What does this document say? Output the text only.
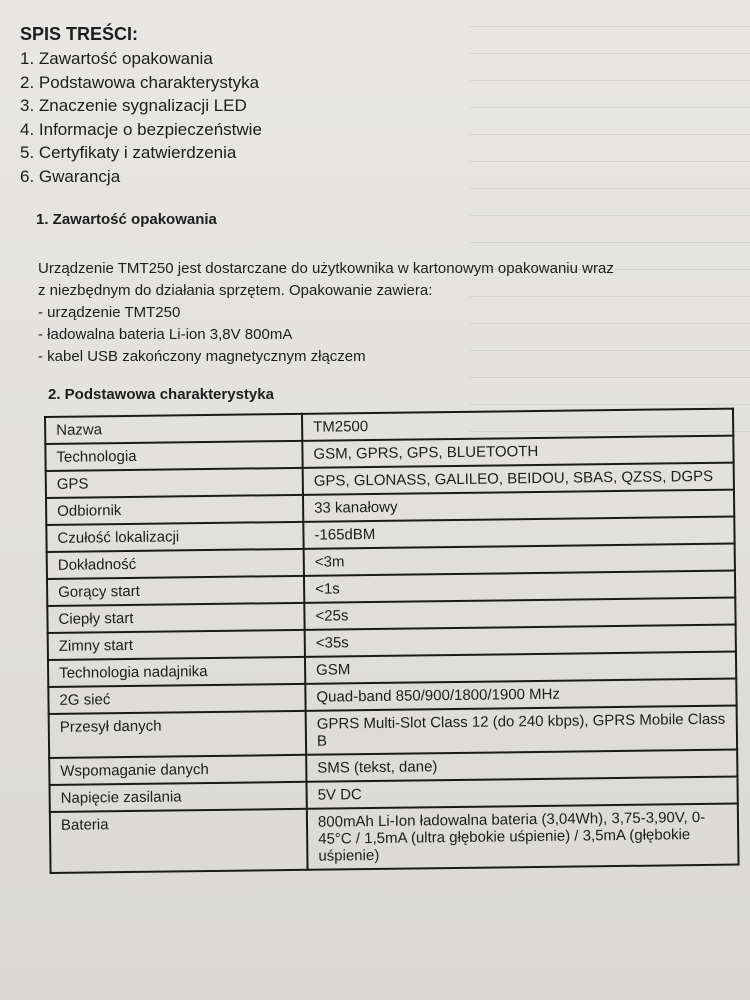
SPIS TREŚCI:
1. Zawartość opakowania
2. Podstawowa charakterystyka
3. Znaczenie sygnalizacji LED
4. Informacje o bezpieczeństwie
5. Certyfikaty i zatwierdzenia
6. Gwarancja
1. Zawartość opakowania
Urządzenie TMT250 jest dostarczane do użytkownika w kartonowym opakowaniu wraz
z niezbędnym do działania sprzętem. Opakowanie zawiera:
- urządzenie TMT250
- ładowalna bateria Li-ion 3,8V 800mA
- kabel USB zakończony magnetycznym złączem
2. Podstawowa charakterystyka
Nazwa	TM2500
Technologia	GSM, GPRS, GPS, BLUETOOTH
GPS	GPS, GLONASS, GALILEO, BEIDOU, SBAS, QZSS, DGPS
Odbiornik	33 kanałowy
Czułość lokalizacji	-165dBM
Dokładność	<3m
Gorący start	<1s
Ciepły start	<25s
Zimny start	<35s
Technologia nadajnika	GSM
2G sieć	Quad-band 850/900/1800/1900 MHz
Przesył danych	GPRS Multi-Slot Class 12 (do 240 kbps), GPRS Mobile Class B
Wspomaganie danych	SMS (tekst, dane)
Napięcie zasilania	5V DC
Bateria	800mAh Li-Ion ładowalna bateria (3,04Wh), 3,75-3,90V, 0-45°C / 1,5mA (ultra głębokie uśpienie) / 3,5mA (głębokie uśpienie)
